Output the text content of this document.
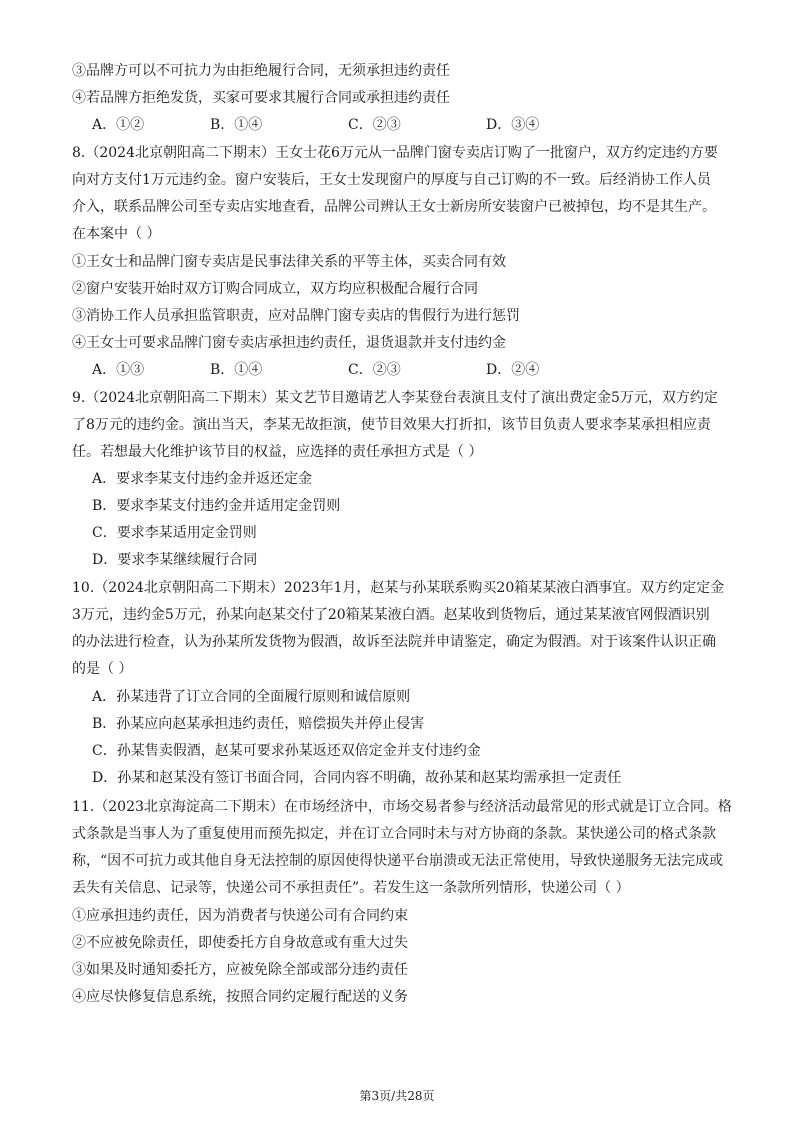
③品牌方可以不可抗力为由拒绝履行合同，无须承担违约责任
④若品牌方拒绝发货，买家可要求其履行合同或承担违约责任
A．①②	B．①④	C．②③	D．③④
8.（2024北京朝阳高二下期末）王女士花6万元从一品牌门窗专卖店订购了一批窗户，双方约定违约方要
向对方支付1万元违约金。窗户安装后，王女士发现窗户的厚度与自己订购的不一致。后经消协工作人员
介入，联系品牌公司至专卖店实地查看，品牌公司辨认王女士新房所安装窗户已被掉包，均不是其生产。
在本案中（ ）
①王女士和品牌门窗专卖店是民事法律关系的平等主体，买卖合同有效
②窗户安装开始时双方订购合同成立，双方均应积极配合履行合同
③消协工作人员承担监管职责，应对品牌门窗专卖店的售假行为进行惩罚
④王女士可要求品牌门窗专卖店承担违约责任，退货退款并支付违约金
A．①③	B．①④	C．②③	D．②④
9.（2024北京朝阳高二下期末）某文艺节目邀请艺人李某登台表演且支付了演出费定金5万元，双方约定
了8万元的违约金。演出当天，李某无故拒演，使节目效果大打折扣，该节目负责人要求李某承担相应责
任。若想最大化维护该节目的权益，应选择的责任承担方式是（ ）
A．要求李某支付违约金并返还定金
B．要求李某支付违约金并适用定金罚则
C．要求李某适用定金罚则
D．要求李某继续履行合同
10.（2024北京朝阳高二下期末）2023年1月，赵某与孙某联系购买20箱某某液白酒事宜。双方约定定金
3万元，违约金5万元，孙某向赵某交付了20箱某某液白酒。赵某收到货物后，通过某某液官网假酒识别
的办法进行检查，认为孙某所发货物为假酒，故诉至法院并申请鉴定，确定为假酒。对于该案件认识正确
的是（ ）
A．孙某违背了订立合同的全面履行原则和诚信原则
B．孙某应向赵某承担违约责任，赔偿损失并停止侵害
C．孙某售卖假酒，赵某可要求孙某返还双倍定金并支付违约金
D．孙某和赵某没有签订书面合同，合同内容不明确，故孙某和赵某均需承担一定责任
11.（2023北京海淀高二下期末）在市场经济中，市场交易者参与经济活动最常见的形式就是订立合同。格
式条款是当事人为了重复使用而预先拟定，并在订立合同时未与对方协商的条款。某快递公司的格式条款
称，“因不可抗力或其他自身无法控制的原因使得快递平台崩溃或无法正常使用，导致快递服务无法完成或
丢失有关信息、记录等，快递公司不承担责任”。若发生这一条款所列情形，快递公司（ ）
①应承担违约责任，因为消费者与快递公司有合同约束
②不应被免除责任，即使委托方自身故意或有重大过失
③如果及时通知委托方，应被免除全部或部分违约责任
④应尽快修复信息系统，按照合同约定履行配送的义务
第3页/共28页
